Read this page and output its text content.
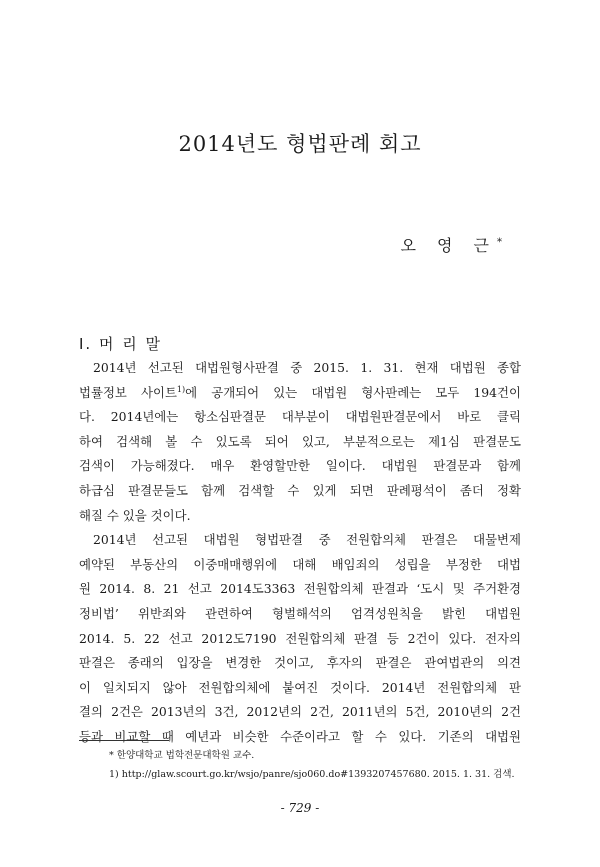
2014년도 형법판례 회고
오 영 근*
I. 머 리 말
2014년 선고된 대법원형사판결 중 2015. 1. 31. 현재 대법원 종합
법률정보 사이트$^{1)}$에 공개되어 있는 대법원 형사판례는 모두 194건이
다. 2014년에는 항소심판결문 대부분이 대법원판결문에서 바로 클릭
하여 검색해 볼 수 있도록 되어 있고, 부분적으로는 제1심 판결문도
검색이 가능해졌다. 매우 환영할만한 일이다. 대법원 판결문과 함께
하급심 판결문들도 함께 검색할 수 있게 되면 판례평석이 좀더 정확
해질 수 있을 것이다.
2014년 선고된 대법원 형법판결 중 전원합의체 판결은 대물변제
예약된 부동산의 이중매매행위에 대해 배임죄의 성립을 부정한 대법
원 2014. 8. 21 선고 2014도3363 전원합의체 판결과 ‘도시 및 주거환경
정비법’ 위반죄와 관련하여 형벌해석의 엄격성원칙을 밝힌 대법원
2014. 5. 22 선고 2012도7190 전원합의체 판결 등 2건이 있다. 전자의
판결은 종래의 입장을 변경한 것이고, 후자의 판결은 관여법관의 의견
이 일치되지 않아 전원합의체에 붙여진 것이다. 2014년 전원합의체 판
결의 2건은 2013년의 3건, 2012년의 2건, 2011년의 5건, 2010년의 2건
등과 비교할 때 예년과 비슷한 수준이라고 할 수 있다. 기존의 대법원
* 한양대학교 법학전문대학원 교수.
1) http://glaw.scourt.go.kr/wsjo/panre/sjo060.do#1393207457680. 2015. 1. 31. 검색.
- 729 -
